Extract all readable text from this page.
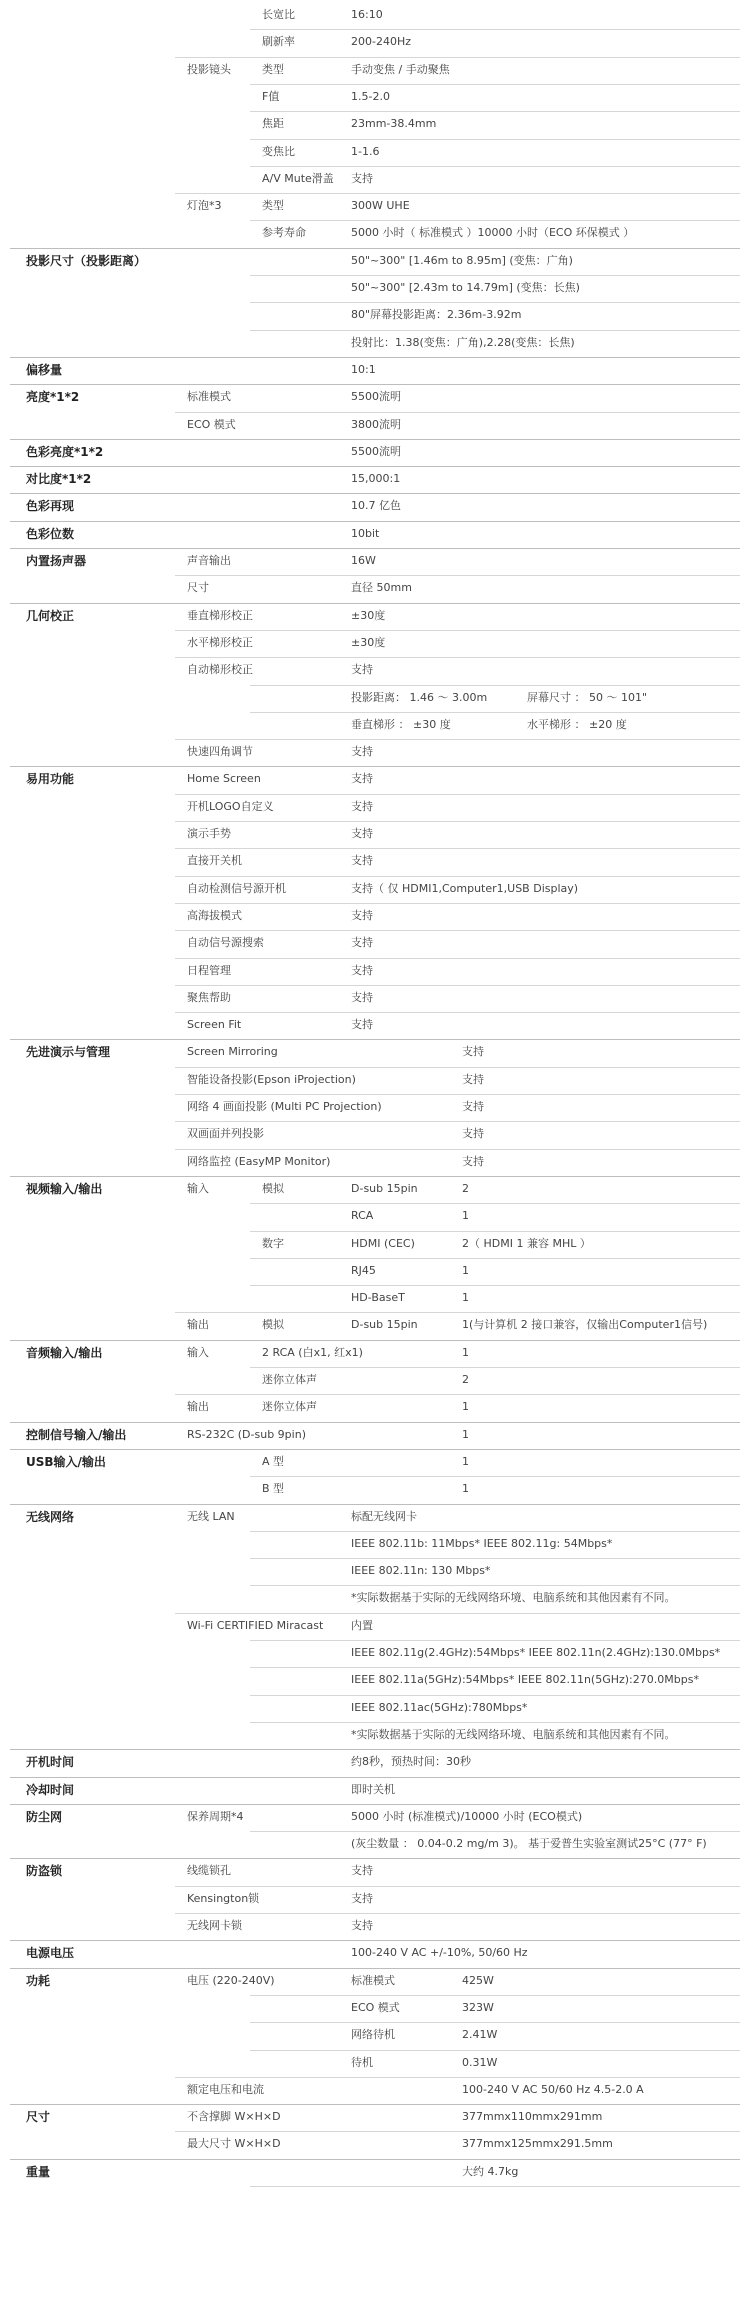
长宽比	16:10
刷新率	200-240Hz
投影镜头	类型	手动变焦 / 手动聚焦
F值	1.5-2.0
焦距	23mm-38.4mm
变焦比	1-1.6
A/V Mute滑盖 支持
灯泡*3	类型	300W UHE
参考寿命	5000 小时（ 标准模式 ）10000 小时（ECO 环保模式 ）
投影尺寸（投影距离）	50"~300" [1.46m to 8.95m] (变焦：广角)
50"~300" [2.43m to 14.79m] (变焦：长焦)
80"屏幕投影距离：2.36m-3.92m
投射比：1.38(变焦：广角),2.28(变焦：长焦)
偏移量	10:1
亮度*1*2	标准模式	5500流明
ECO 模式	3800流明
色彩亮度*1*2	5500流明
对比度*1*2	15,000:1
色彩再现	10.7 亿色
色彩位数	10bit
内置扬声器	声音输出	16W
尺寸	直径 50mm
几何校正	垂直梯形校正	±30度
水平梯形校正	±30度
自动梯形校正	支持
投影距离： 1.46 ～ 3.00m	屏幕尺寸 ： 50 ～ 101"
垂直梯形 ： ±30 度	水平梯形 ： ±20 度
快速四角调节	支持
易用功能	Home Screen	支持
开机LOGO自定义	支持
演示手势	支持
直接开关机	支持
自动检测信号源开机	支持（ 仅 HDMI1,Computer1,USB Display)
高海拔模式	支持
自动信号源搜索	支持
日程管理	支持
聚焦帮助	支持
Screen Fit	支持
先进演示与管理	Screen Mirroring	支持
智能设备投影(Epson iProjection)	支持
网络 4 画面投影 (Multi PC Projection)	支持
双画面并列投影	支持
网络监控 (EasyMP Monitor)	支持
视频输入/输出	输入	模拟	D-sub 15pin	2
RCA	1
数字	HDMI (CEC)	2（ HDMI 1 兼容 MHL ）
RJ45	1
HD-BaseT	1
输出	模拟	D-sub 15pin	1(与计算机 2 接口兼容，仅输出Computer1信号)
音频输入/输出	输入	2 RCA (白x1, 红x1)	1
迷你立体声	2
输出	迷你立体声	1
控制信号输入/输出	RS-232C (D-sub 9pin)	1
USB输入/输出	A 型	1
B 型	1
无线网络	无线 LAN	标配无线网卡
IEEE 802.11b: 11Mbps* IEEE 802.11g: 54Mbps*
IEEE 802.11n: 130 Mbps*
*实际数据基于实际的无线网络环境、电脑系统和其他因素有不同。
Wi-Fi CERTIFIED Miracast	内置
IEEE 802.11g(2.4GHz):54Mbps* IEEE 802.11n(2.4GHz):130.0Mbps*
IEEE 802.11a(5GHz):54Mbps* IEEE 802.11n(5GHz):270.0Mbps*
IEEE 802.11ac(5GHz):780Mbps*
*实际数据基于实际的无线网络环境、电脑系统和其他因素有不同。
开机时间	约8秒，预热时间：30秒
冷却时间	即时关机
防尘网	保养周期*4	5000 小时 (标准模式)/10000 小时 (ECO模式)
(灰尘数量 ： 0.04-0.2 mg/m 3)。 基于爱普生实验室测试25°C (77° F)
防盗锁	线缆锁孔	支持
Kensington锁	支持
无线网卡锁	支持
电源电压	100-240 V AC +/-10%, 50/60 Hz
功耗	电压 (220-240V)	标准模式	425W
ECO 模式	323W
网络待机	2.41W
待机	0.31W
额定电压和电流	100-240 V AC 50/60 Hz 4.5-2.0 A
尺寸	不含撑脚 W×H×D	377mmx110mmx291mm
最大尺寸 W×H×D	377mmx125mmx291.5mm
重量	大约 4.7kg
